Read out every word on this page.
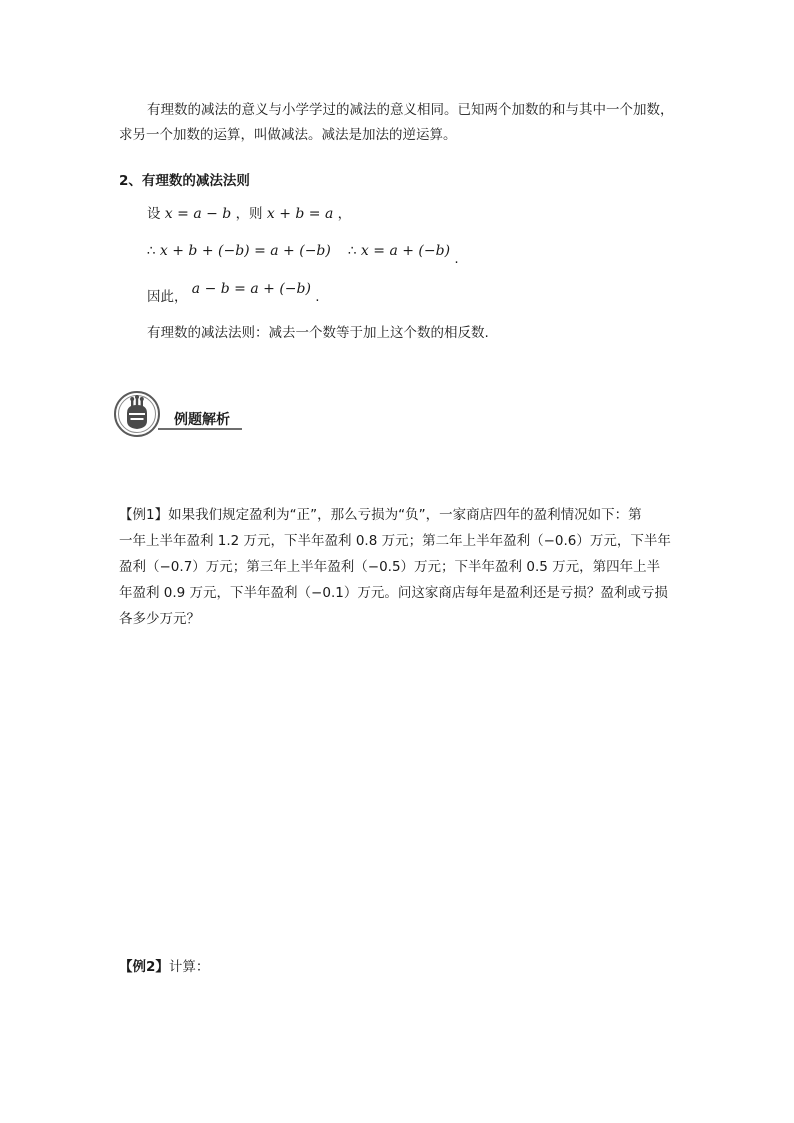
有理数的减法的意义与小学学过的减法的意义相同。已知两个加数的和与其中一个加数，
求另一个加数的运算，叫做减法。减法是加法的逆运算。
2、有理数的减法法则
设 x = a − b ，则 x + b = a ，
∴ x + b + (−b) = a + (−b) ∴ x = a + (−b) .
因此， a − b = a + (−b) .
有理数的减法法则：减去一个数等于加上这个数的相反数.
例题解析
【例1】如果我们规定盈利为“正”，那么亏损为“负”，一家商店四年的盈利情况如下：第
一年上半年盈利 1.2 万元，下半年盈利 0.8 万元；第二年上半年盈利（−0.6）万元，下半年
盈利（−0.7）万元；第三年上半年盈利（−0.5）万元；下半年盈利 0.5 万元，第四年上半
年盈利 0.9 万元，下半年盈利（−0.1）万元。问这家商店每年是盈利还是亏损？盈利或亏损
各多少万元？
【例2】计算：
